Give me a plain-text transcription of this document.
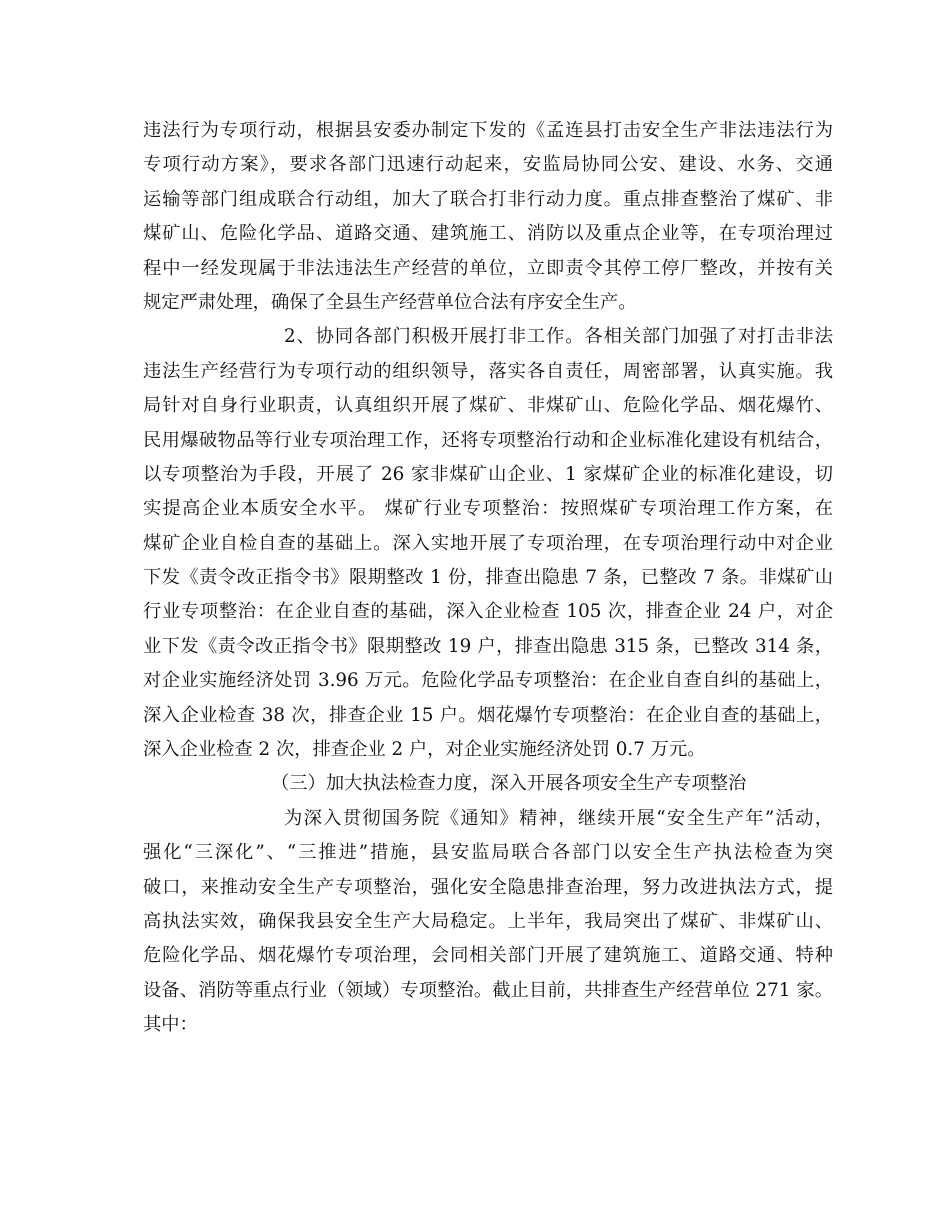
违法行为专项行动，根据县安委办制定下发的《孟连县打击安全生产非法违法行为
专项行动方案》，要求各部门迅速行动起来，安监局协同公安、建设、水务、交通
运输等部门组成联合行动组，加大了联合打非行动力度。重点排查整治了煤矿、非
煤矿山、危险化学品、道路交通、建筑施工、消防以及重点企业等，在专项治理过
程中一经发现属于非法违法生产经营的单位，立即责令其停工停厂整改，并按有关
规定严肃处理，确保了全县生产经营单位合法有序安全生产。
2、协同各部门积极开展打非工作。各相关部门加强了对打击非法
违法生产经营行为专项行动的组织领导，落实各自责任，周密部署，认真实施。我
局针对自身行业职责，认真组织开展了煤矿、非煤矿山、危险化学品、烟花爆竹、
民用爆破物品等行业专项治理工作，还将专项整治行动和企业标准化建设有机结合，
以专项整治为手段，开展了 26 家非煤矿山企业、1 家煤矿企业的标准化建设，切
实提高企业本质安全水平。 煤矿行业专项整治：按照煤矿专项治理工作方案，在
煤矿企业自检自查的基础上。深入实地开展了专项治理，在专项治理行动中对企业
下发《责令改正指令书》限期整改 1 份，排查出隐患 7 条，已整改 7 条。非煤矿山
行业专项整治：在企业自查的基础，深入企业检查 105 次，排查企业 24 户，对企
业下发《责令改正指令书》限期整改 19 户，排查出隐患 315 条，已整改 314 条，
对企业实施经济处罚 3.96 万元。危险化学品专项整治：在企业自查自纠的基础上，
深入企业检查 38 次，排查企业 15 户。烟花爆竹专项整治：在企业自查的基础上，
深入企业检查 2 次，排查企业 2 户，对企业实施经济处罚 0.7 万元。
（三）加大执法检查力度，深入开展各项安全生产专项整治
为深入贯彻国务院《通知》精神，继续开展“安全生产年”活动，
强化“三深化”、“三推进”措施，县安监局联合各部门以安全生产执法检查为突
破口，来推动安全生产专项整治，强化安全隐患排查治理，努力改进执法方式，提
高执法实效，确保我县安全生产大局稳定。上半年，我局突出了煤矿、非煤矿山、
危险化学品、烟花爆竹专项治理，会同相关部门开展了建筑施工、道路交通、特种
设备、消防等重点行业（领域）专项整治。截止目前，共排查生产经营单位 271 家。
其中：
